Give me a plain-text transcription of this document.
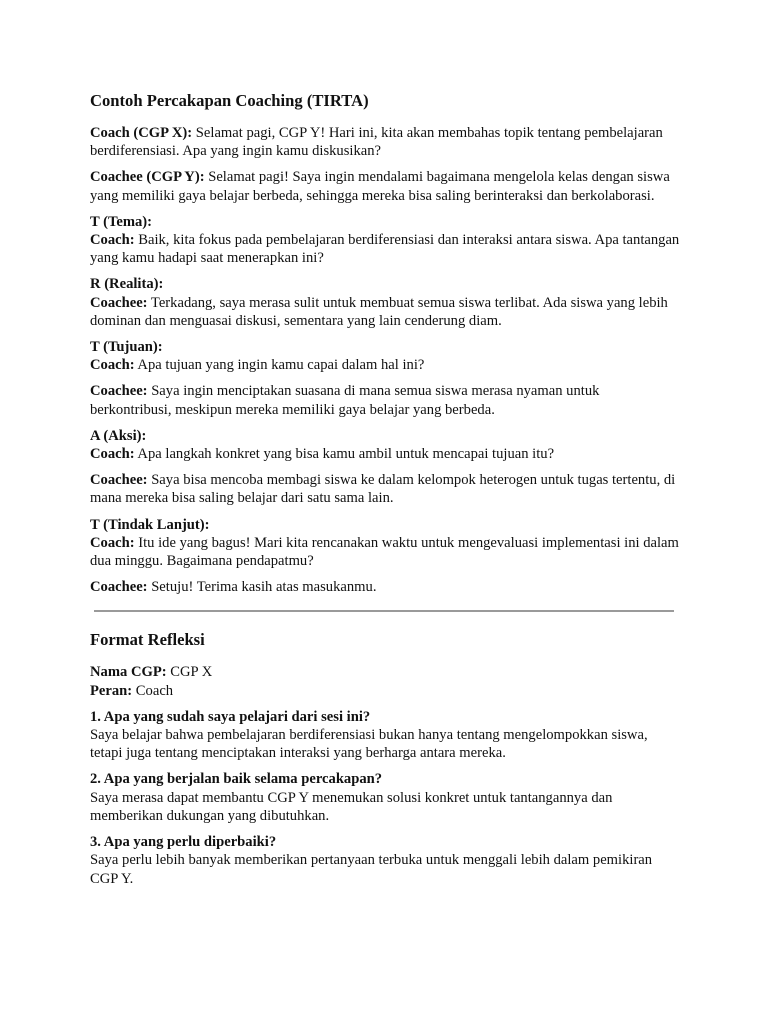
Contoh Percakapan Coaching (TIRTA)

Coach (CGP X): Selamat pagi, CGP Y! Hari ini, kita akan membahas topik tentang pembelajaran berdiferensiasi. Apa yang ingin kamu diskusikan?

Coachee (CGP Y): Selamat pagi! Saya ingin mendalami bagaimana mengelola kelas dengan siswa yang memiliki gaya belajar berbeda, sehingga mereka bisa saling berinteraksi dan berkolaborasi.

T (Tema):

Coach: Baik, kita fokus pada pembelajaran berdiferensiasi dan interaksi antara siswa. Apa tantangan yang kamu hadapi saat menerapkan ini?

R (Realita):

Coachee: Terkadang, saya merasa sulit untuk membuat semua siswa terlibat. Ada siswa yang lebih dominan dan menguasai diskusi, sementara yang lain cenderung diam.

T (Tujuan):

Coach: Apa tujuan yang ingin kamu capai dalam hal ini?

Coachee: Saya ingin menciptakan suasana di mana semua siswa merasa nyaman untuk berkontribusi, meskipun mereka memiliki gaya belajar yang berbeda.

A (Aksi):

Coach: Apa langkah konkret yang bisa kamu ambil untuk mencapai tujuan itu?

Coachee: Saya bisa mencoba membagi siswa ke dalam kelompok heterogen untuk tugas tertentu, di mana mereka bisa saling belajar dari satu sama lain.

T (Tindak Lanjut):

Coach: Itu ide yang bagus! Mari kita rencanakan waktu untuk mengevaluasi implementasi ini dalam dua minggu. Bagaimana pendapatmu?

Coachee: Setuju! Terima kasih atas masukanmu.

Format Refleksi

Nama CGP: CGP X

Peran: Coach

1. Apa yang sudah saya pelajari dari sesi ini?

Saya belajar bahwa pembelajaran berdiferensiasi bukan hanya tentang mengelompokkan siswa, tetapi juga tentang menciptakan interaksi yang berharga antara mereka.

2. Apa yang berjalan baik selama percakapan?

Saya merasa dapat membantu CGP Y menemukan solusi konkret untuk tantangannya dan memberikan dukungan yang dibutuhkan.

3. Apa yang perlu diperbaiki?

Saya perlu lebih banyak memberikan pertanyaan terbuka untuk menggali lebih dalam pemikiran CGP Y.
